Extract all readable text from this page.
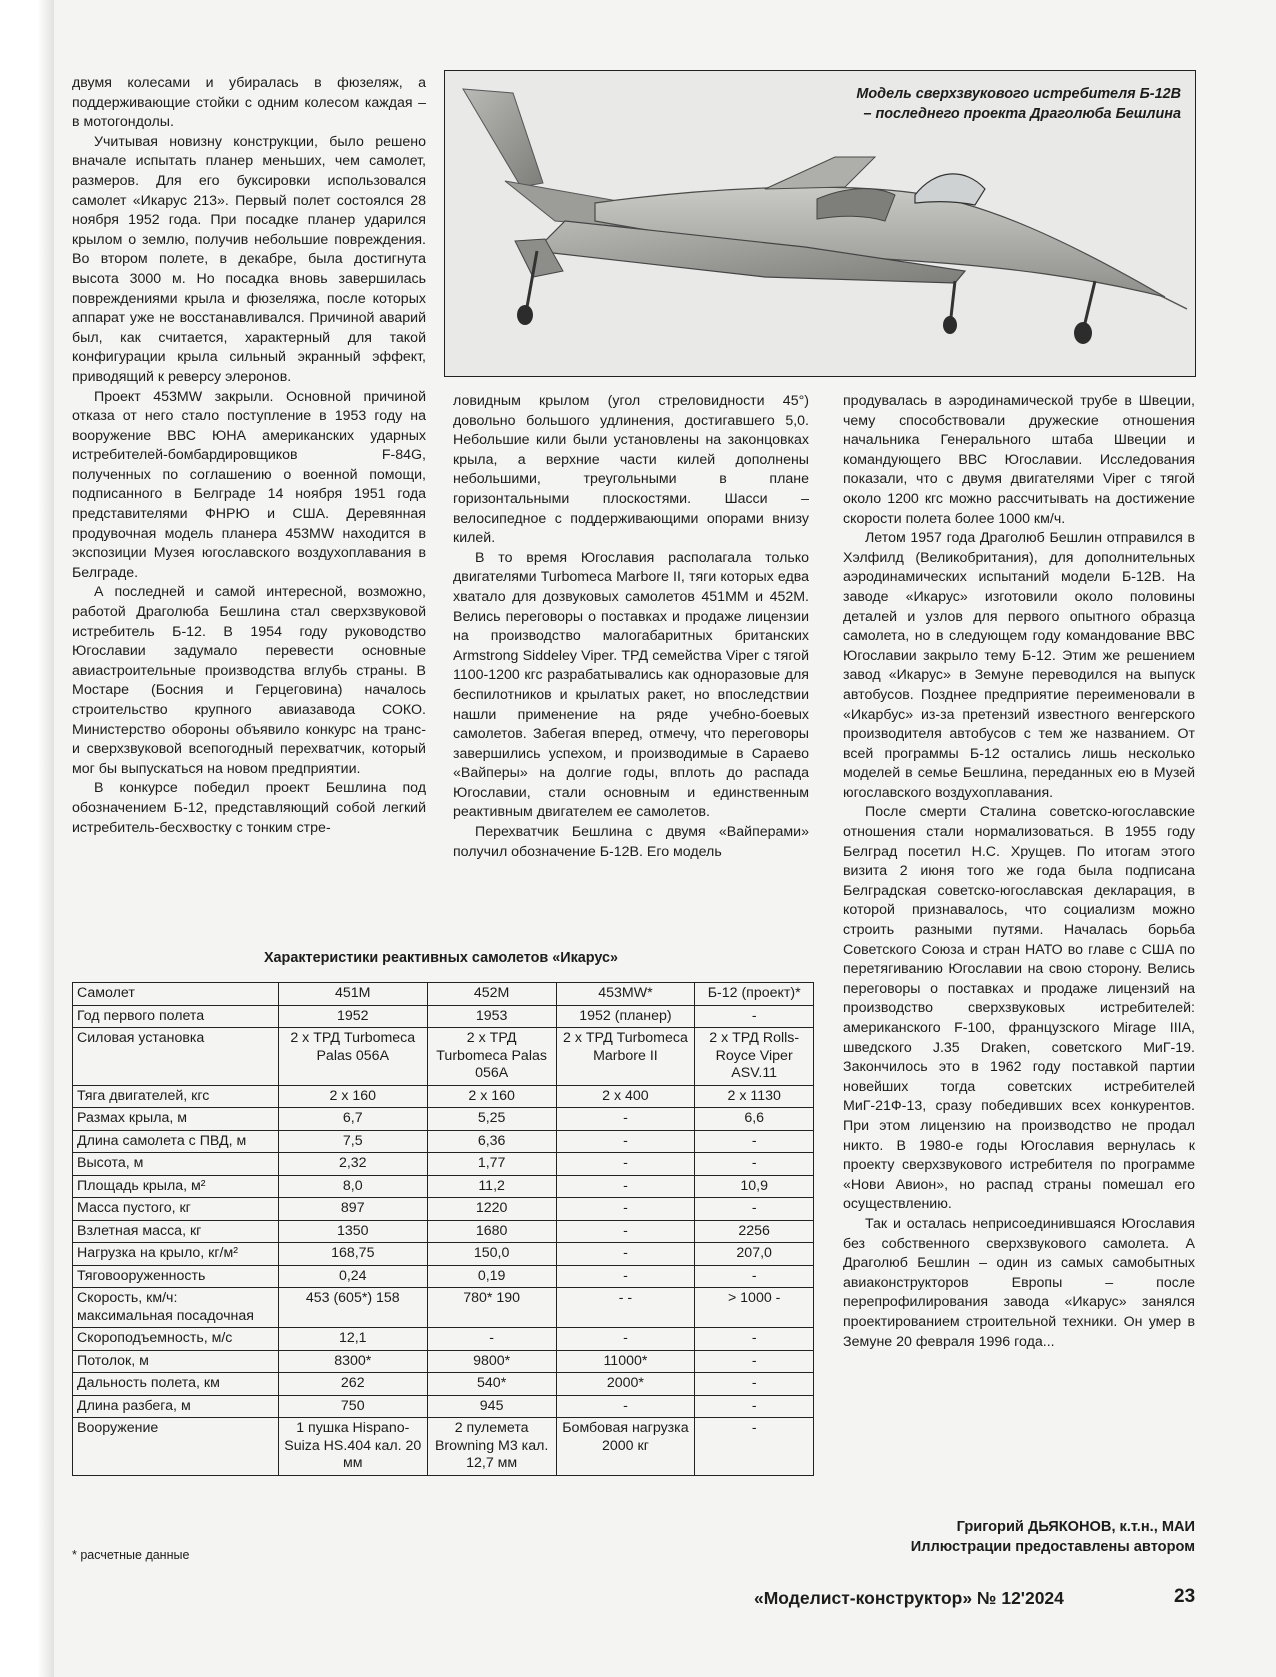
двумя колесами и убиралась в фюзеляж, а поддерживающие стойки с одним колесом каждая – в мотогондолы.

Учитывая новизну конструкции, было решено вначале испытать планер меньших, чем самолет, размеров. Для его буксировки использовался самолет «Икарус 213». Первый полет состоялся 28 ноября 1952 года. При посадке планер ударился крылом о землю, получив небольшие повреждения. Во втором полете, в декабре, была достигнута высота 3000 м. Но посадка вновь завершилась повреждениями крыла и фюзеляжа, после которых аппарат уже не восстанавливался. Причиной аварий был, как считается, характерный для такой конфигурации крыла сильный экранный эффект, приводящий к реверсу элеронов.

Проект 453MW закрыли. Основной причиной отказа от него стало поступление в 1953 году на вооружение ВВС ЮНА американских ударных истребителей-бомбардировщиков F-84G, полученных по соглашению о военной помощи, подписанного в Белграде 14 ноября 1951 года представителями ФНРЮ и США. Деревянная продувочная модель планера 453MW находится в экспозиции Музея югославского воздухоплавания в Белграде.

А последней и самой интересной, возможно, работой Драголюба Бешлина стал сверхзвуковой истребитель Б-12. В 1954 году руководство Югославии задумало перевести основные авиастроительные производства вглубь страны. В Мостаре (Босния и Герцеговина) началось строительство крупного авиазавода СОКО. Министерство обороны объявило конкурс на транс- и сверхзвуковой всепогодный перехватчик, который мог бы выпускаться на новом предприятии.

В конкурсе победил проект Бешлина под обозначением Б-12, представляющий собой легкий истребитель-бесхвостку с тонким стре-

Модель сверхзвукового истребителя Б-12В – последнего проекта Драголюба Бешлина

ловидным крылом (угол стреловидности 45°) довольно большого удлинения, достигавшего 5,0. Небольшие кили были установлены на законцовках крыла, а верхние части килей дополнены небольшими, треугольными в плане горизонтальными плоскостями. Шасси – велосипедное с поддерживающими опорами внизу килей.

В то время Югославия располагала только двигателями Turbomeca Marbore II, тяги которых едва хватало для дозвуковых самолетов 451ММ и 452М. Велись переговоры о поставках и продаже лицензии на производство малогабаритных британских Armstrong Siddeley Viper. ТРД семейства Viper с тягой 1100-1200 кгс разрабатывались как одноразовые для беспилотников и крылатых ракет, но впоследствии нашли применение на ряде учебно-боевых самолетов. Забегая вперед, отмечу, что переговоры завершились успехом, и производимые в Сараево «Вайперы» на долгие годы, вплоть до распада Югославии, стали основным и единственным реактивным двигателем ее самолетов.

Перехватчик Бешлина с двумя «Вайперами» получил обозначение Б-12В. Его модель

продувалась в аэродинамической трубе в Швеции, чему способствовали дружеские отношения начальника Генерального штаба Швеции и командующего ВВС Югославии. Исследования показали, что с двумя двигателями Viper с тягой около 1200 кгс можно рассчитывать на достижение скорости полета более 1000 км/ч.

Летом 1957 года Драголюб Бешлин отправился в Хэлфилд (Великобритания), для дополнительных аэродинамических испытаний модели Б-12В. На заводе «Икарус» изготовили около половины деталей и узлов для первого опытного образца самолета, но в следующем году командование ВВС Югославии закрыло тему Б-12. Этим же решением завод «Икарус» в Земуне переводился на выпуск автобусов. Позднее предприятие переименовали в «Икарбус» из-за претензий известного венгерского производителя автобусов с тем же названием. От всей программы Б-12 остались лишь несколько моделей в семье Бешлина, переданных ею в Музей югославского воздухоплавания.

После смерти Сталина советско-югославские отношения стали нормализоваться. В 1955 году Белград посетил Н.С. Хрущев. По итогам этого визита 2 июня того же года была подписана Белградская советско-югославская декларация, в которой признавалось, что социализм можно строить разными путями. Началась борьба Советского Союза и стран НАТО во главе с США по перетягиванию Югославии на свою сторону. Велись переговоры о поставках и продаже лицензий на производство сверхзвуковых истребителей: американского F-100, французского Mirage IIIA, шведского J.35 Draken, советского МиГ-19. Закончилось это в 1962 году поставкой партии новейших тогда советских истребителей МиГ-21Ф-13, сразу победивших всех конкурентов. При этом лицензию на производство не продал никто. В 1980-е годы Югославия вернулась к проекту сверхзвукового истребителя по программе «Нови Авион», но распад страны помешал его осуществлению.

Так и осталась неприсоединившаяся Югославия без собственного сверхзвукового самолета. А Драголюб Бешлин – один из самых самобытных авиаконструкторов Европы – после перепрофилирования завода «Икарус» занялся проектированием строительной техники. Он умер в Земуне 20 февраля 1996 года...

Характеристики реактивных самолетов «Икарус»
Самолет	451М	452М	453MW*	Б-12 (проект)*
Год первого полета	1952	1953	1952 (планер)	-
Силовая установка	2 х ТРД Turbomeca Palas 056A	2 х ТРД Turbomeca Palas 056A	2 х ТРД Turbomeca Marbore II	2 х ТРД Rolls-Royce Viper ASV.11
Тяга двигателей, кгс	2 х 160	2 х 160	2 х 400	2 х 1130
Размах крыла, м	6,7	5,25	-	6,6
Длина самолета с ПВД, м	7,5	6,36	-	-
Высота, м	2,32	1,77	-	-
Площадь крыла, м²	8,0	11,2	-	10,9
Масса пустого, кг	897	1220	-	-
Взлетная масса, кг	1350	1680	-	2256
Нагрузка на крыло, кг/м²	168,75	150,0	-	207,0
Тяговооруженность	0,24	0,19	-	-
Скорость, км/ч: максимальная посадочная	453 (605*) 158	780* 190	- -	> 1000 -
Скороподъемность, м/с	12,1	-	-	-
Потолок, м	8300*	9800*	11000*	-
Дальность полета, км	262	540*	2000*	-
Длина разбега, м	750	945	-	-
Вооружение	1 пушка Hispano-Suiza HS.404 кал. 20 мм	2 пулемета Browning M3 кал. 12,7 мм	Бомбовая нагрузка 2000 кг	-
* расчетные данные
Григорий ДЬЯКОНОВ, к.т.н., МАИ
Иллюстрации предоставлены автором
«Моделист-конструктор» № 12'2024	23
